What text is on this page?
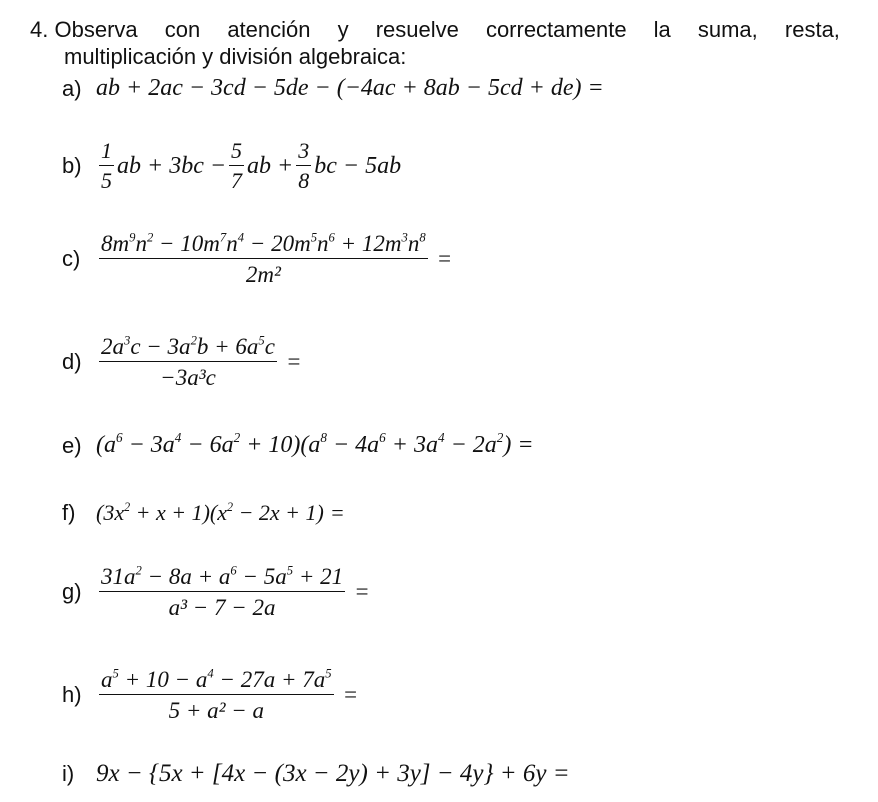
4. Observa con atención y resuelve correctamente la suma, resta,
multiplicación y división algebraica:
a) ab + 2ac − 3cd − 5de − (−4ac + 8ab − 5cd + de) =
$b) \frac{1}{5}$ ab + $3bc - \frac{5}{7}$ ab + $\frac{3}{8}$ bc − 5ab
$c) \frac{8m^9n^2 - 10m^7n^4 - 20m^5n^6 + 12m^3n^8}{\text{2m²}}$ =
$d) \frac{2a^3c - 3a^2b + 6a^5c}{\text{−3a³c}}$ =
e) $(a^6 - 3a^4 - 6a^2 + 10)(a^8 - 4a^6 + 3a^4 - 2a^2)$ =
f) $(3x^2 + x + 1)(x^2 - 2x + 1)$ =
$g) \frac{31a^2 - 8a + a^6 - 5a^5 + 21}{\text{a³ − 7 − 2a}}$ =
$h) \frac{a^5 + 10 - a^4 - 27a + 7a^5}{\text{5 + a² − a}}$ =
i) 9x − {5x + [4x − (3x − 2y) + 3y] − 4y} + 6y =
